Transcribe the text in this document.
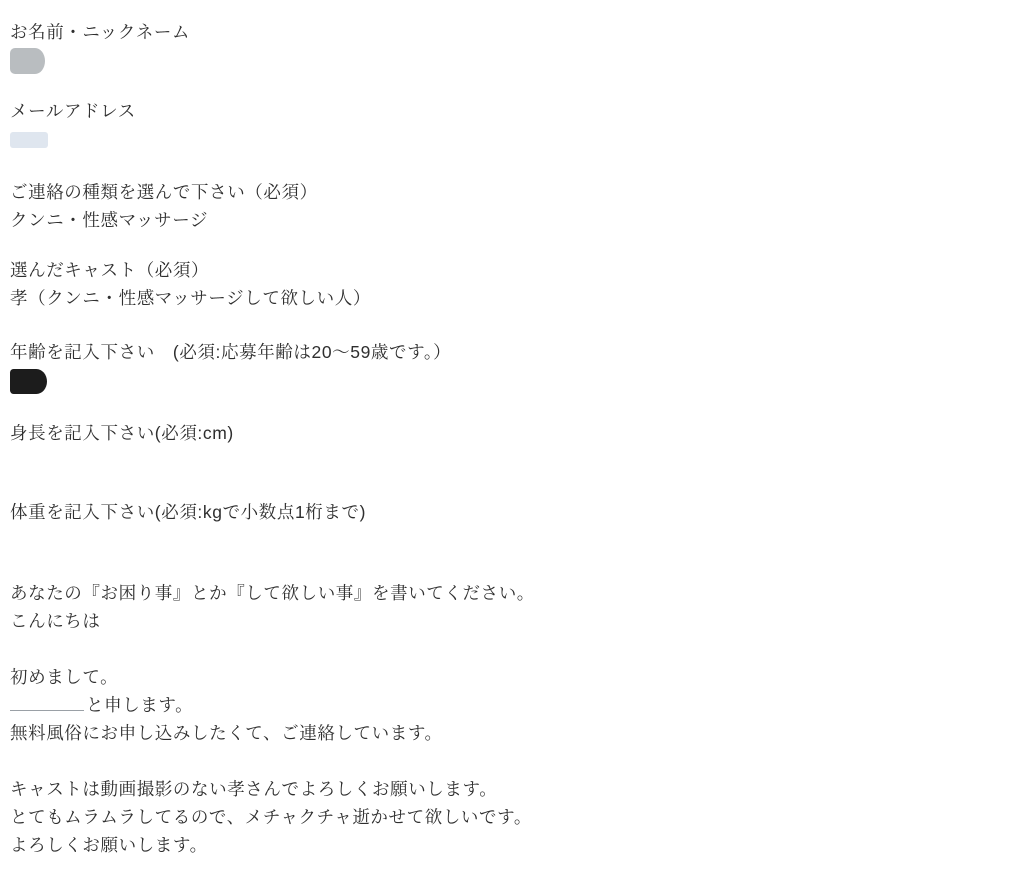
お名前・ニックネーム
メールアドレス
ご連絡の種類を選んで下さい（必須）
クンニ・性感マッサージ
選んだキャスト（必須）
孝（クンニ・性感マッサージして欲しい人）
年齢を記入下さい　(必須:応募年齢は20〜59歳です。）
身長を記入下さい(必須:cm)
体重を記入下さい(必須:kgで小数点1桁まで)
あなたの『お困り事』とか『して欲しい事』を書いてください。
こんにちは
初めまして。
と申します。
無料風俗にお申し込みしたくて、ご連絡しています。
キャストは動画撮影のない孝さんでよろしくお願いします。
とてもムラムラしてるので、メチャクチャ逝かせて欲しいです。
よろしくお願いします。
